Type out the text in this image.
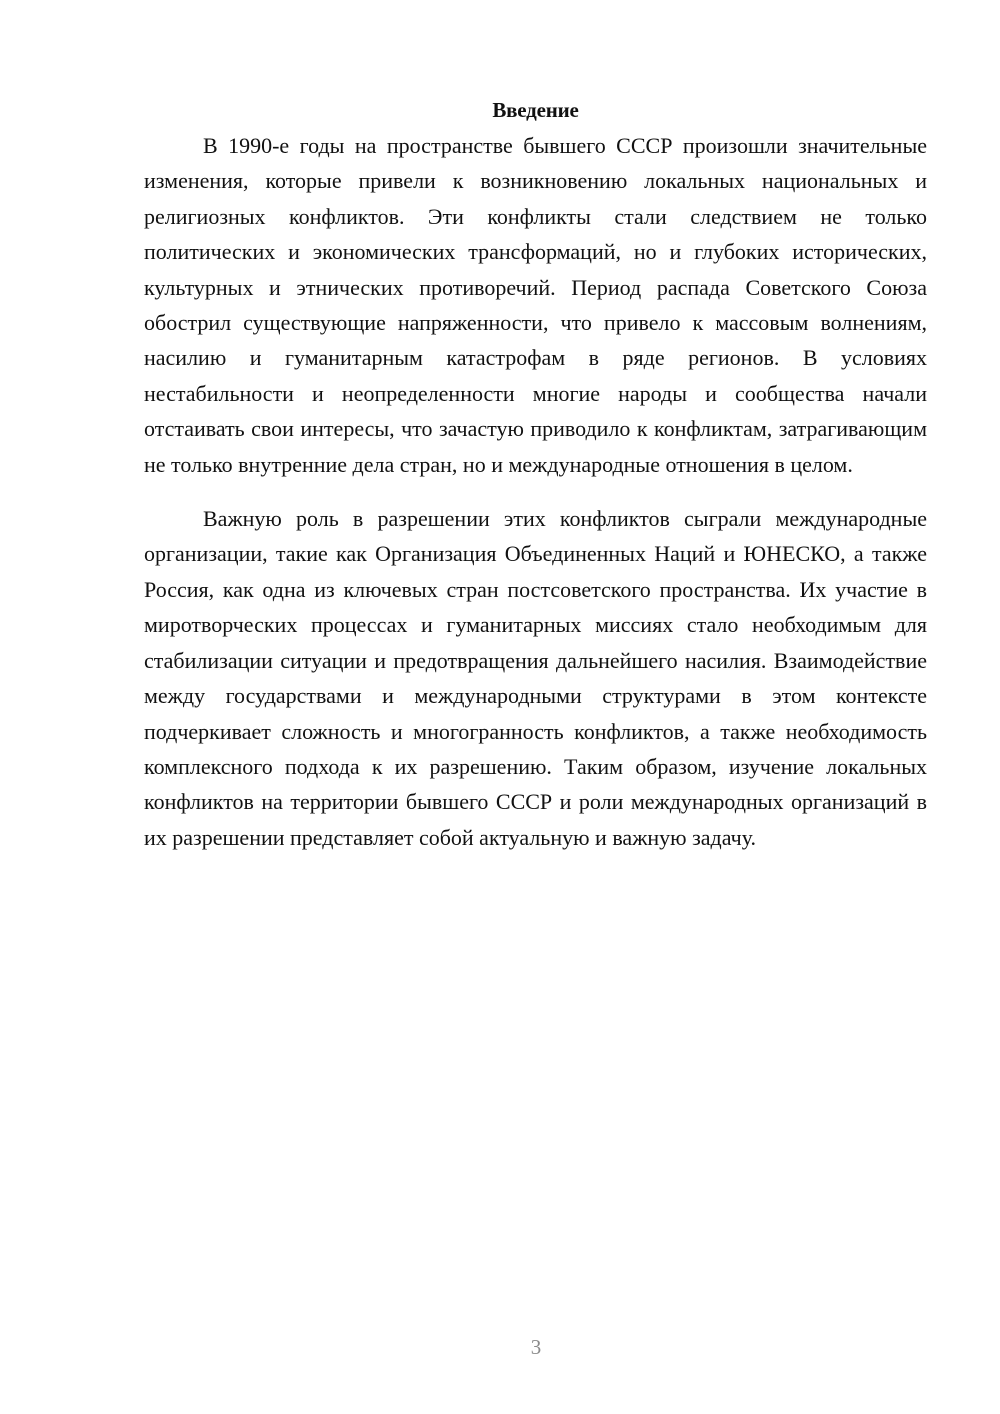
Введение

В 1990-е годы на пространстве бывшего СССР произошли значительные изменения, которые привели к возникновению локальных национальных и религиозных конфликтов. Эти конфликты стали следствием не только политических и экономических трансформаций, но и глубоких исторических, культурных и этнических противоречий. Период распада Советского Союза обострил существующие напряженности, что привело к массовым волнениям, насилию и гуманитарным катастрофам в ряде регионов. В условиях нестабильности и неопределенности многие народы и сообщества начали отстаивать свои интересы, что зачастую приводило к конфликтам, затрагивающим не только внутренние дела стран, но и международные отношения в целом.

Важную роль в разрешении этих конфликтов сыграли международные организации, такие как Организация Объединенных Наций и ЮНЕСКО, а также Россия, как одна из ключевых стран постсоветского пространства. Их участие в миротворческих процессах и гуманитарных миссиях стало необходимым для стабилизации ситуации и предотвращения дальнейшего насилия. Взаимодействие между государствами и международными структурами в этом контексте подчеркивает сложность и многогранность конфликтов, а также необходимость комплексного подхода к их разрешению. Таким образом, изучение локальных конфликтов на территории бывшего СССР и роли международных организаций в их разрешении представляет собой актуальную и важную задачу.

3
